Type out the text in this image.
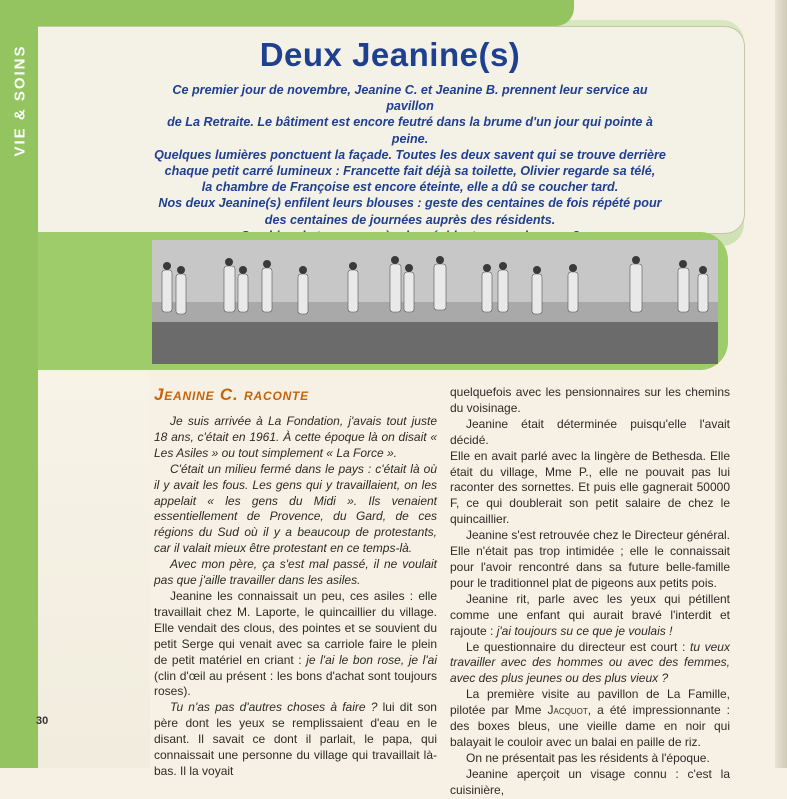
VIE & SOINS	Deux Jeanine(s)

Ce premier jour de novembre, Jeanine C. et Jeanine B. prennent leur service au pavillon

de La Retraite. Le bâtiment est encore feutré dans la brume d'un jour qui pointe à peine.

Quelques lumières ponctuent la façade. Toutes les deux savent qui se trouve derrière

chaque petit carré lumineux : Francette fait déjà sa toilette, Olivier regarde sa télé,

la chambre de Françoise est encore éteinte, elle a dû se coucher tard.

Nos deux Jeanine(s) enfilent leurs blouses : geste des centaines de fois répété pour

des centaines de journées auprès des résidents.

Jeanine C. raconte

Je suis arrivée à La Fondation, j'avais tout juste 18 ans, c'était en 1961. À cette époque là on disait « Les Asiles » ou tout simplement « La Force ».

C'était un milieu fermé dans le pays : c'était là où il y avait les fous. Les gens qui y travaillaient, on les appelait « les gens du Midi ». Ils venaient essentiellement de Provence, du Gard, de ces régions du Sud où il y a beaucoup de protestants, car il valait mieux être protestant en ce temps-là.

Avec mon père, ça s'est mal passé, il ne voulait pas que j'aille travailler dans les asiles.

Jeanine les connaissait un peu, ces asiles : elle travaillait chez M. Laporte, le quincaillier du village. Elle vendait des clous, des pointes et se souvient du petit Serge qui venait avec sa carriole faire le plein de petit matériel en criant : je l'ai le bon rose, je l'ai (clin d'œil au présent : les bons d'achat sont toujours roses).

Tu n'as pas d'autres choses à faire ? lui dit son père dont les yeux se remplissaient d'eau en le disant. Il savait ce dont il parlait, le papa, qui connaissait une personne du village qui travaillait là-bas. Il la voyait

quelquefois avec les pensionnaires sur les chemins du voisinage.

Jeanine était déterminée puisqu'elle l'avait décidé.

Elle en avait parlé avec la lingère de Bethesda. Elle était du village, Mme P., elle ne pouvait pas lui raconter des sornettes. Et puis elle gagnerait 50000 F, ce qui doublerait son petit salaire de chez le quincaillier.

Jeanine s'est retrouvée chez le Directeur général. Elle n'était pas trop intimidée ; elle le connaissait pour l'avoir rencontré dans sa future belle-famille pour le traditionnel plat de pigeons aux petits pois.

Jeanine rit, parle avec les yeux qui pétillent comme une enfant qui aurait bravé l'interdit et rajoute : j'ai toujours su ce que je voulais !

Le questionnaire du directeur est court : tu veux travailler avec des hommes ou avec des femmes, avec des plus jeunes ou des plus vieux ?

La première visite au pavillon de La Famille, pilotée par Mme Jacquot, a été impressionnante : des boxes bleus, une vieille dame en noir qui balayait le couloir avec un balai en paille de riz.

On ne présentait pas les résidents à l'époque.

Jeanine aperçoit un visage connu : c'est la cuisinière,

30
